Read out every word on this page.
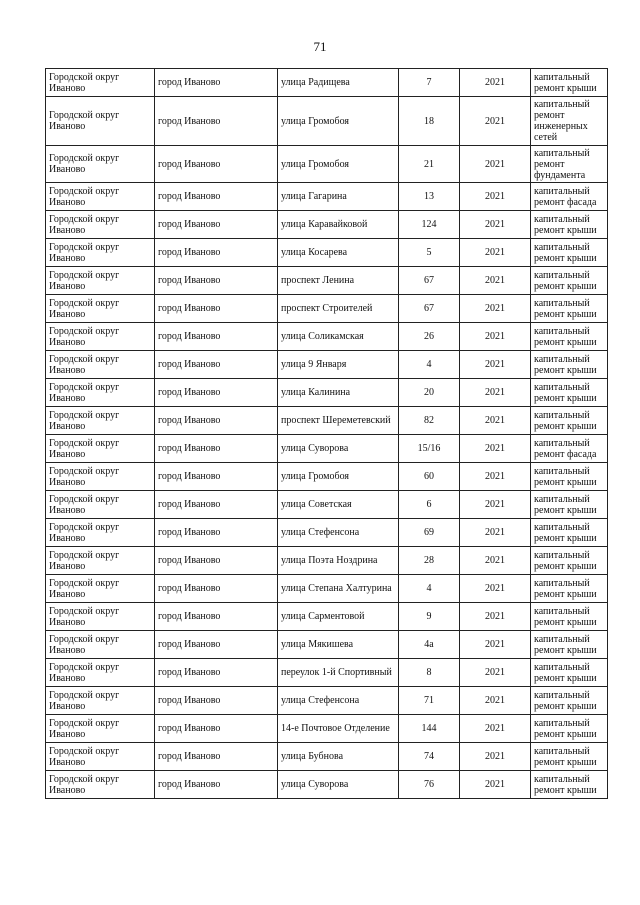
71
Городской округ Иваново	город Иваново	улица Радищева	7	2021	капитальный ремонт крыши
Городской округ Иваново	город Иваново	улица Громобоя	18	2021	капитальный ремонт инженерных сетей
Городской округ Иваново	город Иваново	улица Громобоя	21	2021	капитальный ремонт фундамента
Городской округ Иваново	город Иваново	улица Гагарина	13	2021	капитальный ремонт фасада
Городской округ Иваново	город Иваново	улица Каравайковой	124	2021	капитальный ремонт крыши
Городской округ Иваново	город Иваново	улица Косарева	5	2021	капитальный ремонт крыши
Городской округ Иваново	город Иваново	проспект Ленина	67	2021	капитальный ремонт крыши
Городской округ Иваново	город Иваново	проспект Строителей	67	2021	капитальный ремонт крыши
Городской округ Иваново	город Иваново	улица Соликамская	26	2021	капитальный ремонт крыши
Городской округ Иваново	город Иваново	улица 9 Января	4	2021	капитальный ремонт крыши
Городской округ Иваново	город Иваново	улица Калинина	20	2021	капитальный ремонт крыши
Городской округ Иваново	город Иваново	проспект Шереметевский	82	2021	капитальный ремонт крыши
Городской округ Иваново	город Иваново	улица Суворова	15/16	2021	капитальный ремонт фасада
Городской округ Иваново	город Иваново	улица Громобоя	60	2021	капитальный ремонт крыши
Городской округ Иваново	город Иваново	улица Советская	6	2021	капитальный ремонт крыши
Городской округ Иваново	город Иваново	улица Стефенсона	69	2021	капитальный ремонт крыши
Городской округ Иваново	город Иваново	улица Поэта Ноздрина	28	2021	капитальный ремонт крыши
Городской округ Иваново	город Иваново	улица Степана Халтурина	4	2021	капитальный ремонт крыши
Городской округ Иваново	город Иваново	улица Сарментовой	9	2021	капитальный ремонт крыши
Городской округ Иваново	город Иваново	улица Мякишева	4а	2021	капитальный ремонт крыши
Городской округ Иваново	город Иваново	переулок 1-й Спортивный	8	2021	капитальный ремонт крыши
Городской округ Иваново	город Иваново	улица Стефенсона	71	2021	капитальный ремонт крыши
Городской округ Иваново	город Иваново	14-е Почтовое Отделение	144	2021	капитальный ремонт крыши
Городской округ Иваново	город Иваново	улица Бубнова	74	2021	капитальный ремонт крыши
Городской округ Иваново	город Иваново	улица Суворова	76	2021	капитальный ремонт крыши
